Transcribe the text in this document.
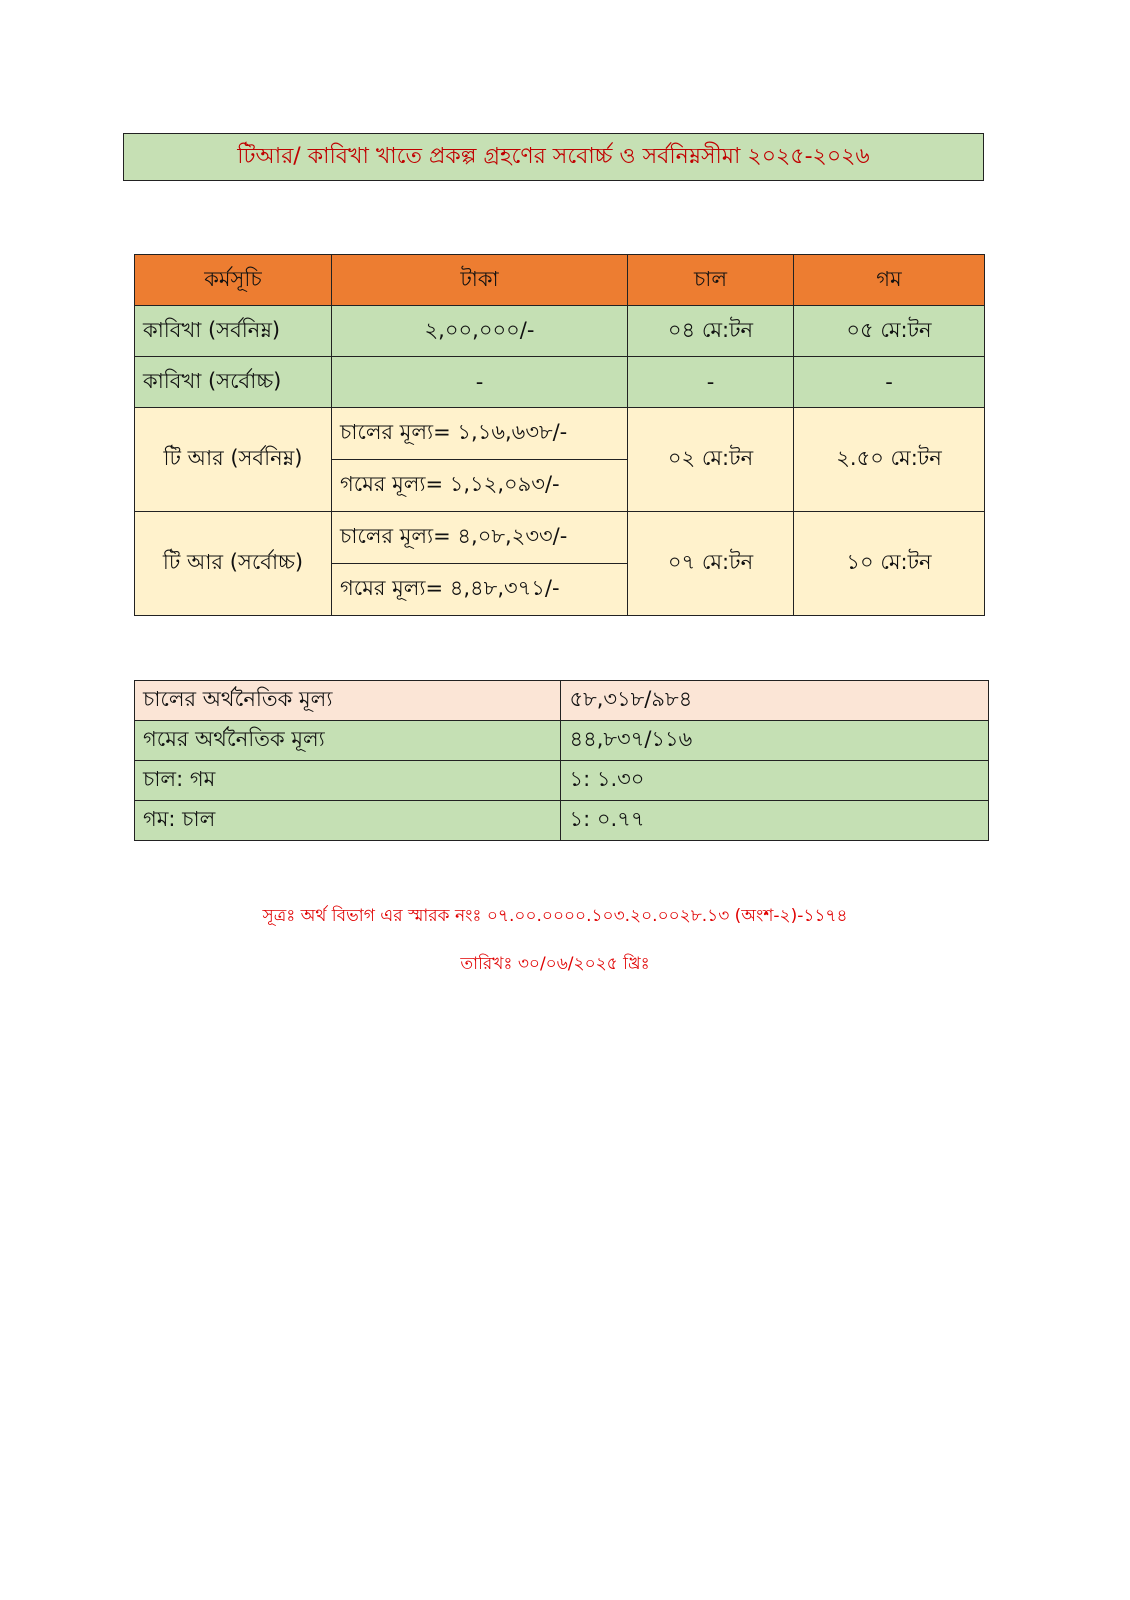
টিআর/ কাবিখা খাতে প্রকল্প গ্রহণের সবোর্চ্চ ও সর্বনিম্নসীমা ২০২৫-২০২৬
কর্মসূচি	টাকা	চাল	গম
কাবিখা (সর্বনিম্ন)	২,০০,০০০/-	০৪ মে:টন	০৫ মে:টন
কাবিখা (সর্বোচ্চ)	-	-	-
টি আর (সর্বনিম্ন)	চালের মূল্য= ১,১৬,৬৩৮/-	০২ মে:টন	২.৫০ মে:টন
	গমের মূল্য= ১,১২,০৯৩/-		
টি আর (সর্বোচ্চ)	চালের মূল্য= ৪,০৮,২৩৩/-	০৭ মে:টন	১০ মে:টন
	গমের মূল্য= ৪,৪৮,৩৭১/-		
চালের অর্থনৈতিক মূল্য	৫৮,৩১৮/৯৮৪
গমের অর্থনৈতিক মূল্য	৪৪,৮৩৭/১১৬
চাল: গম	১: ১.৩০
গম: চাল	১: ০.৭৭
সূত্রঃ অর্থ বিভাগ এর স্মারক নংঃ ০৭.০০.০০০০.১০৩.২০.০০২৮.১৩ (অংশ-২)-১১৭৪
তারিখঃ ৩০/০৬/২০২৫ খ্রিঃ
